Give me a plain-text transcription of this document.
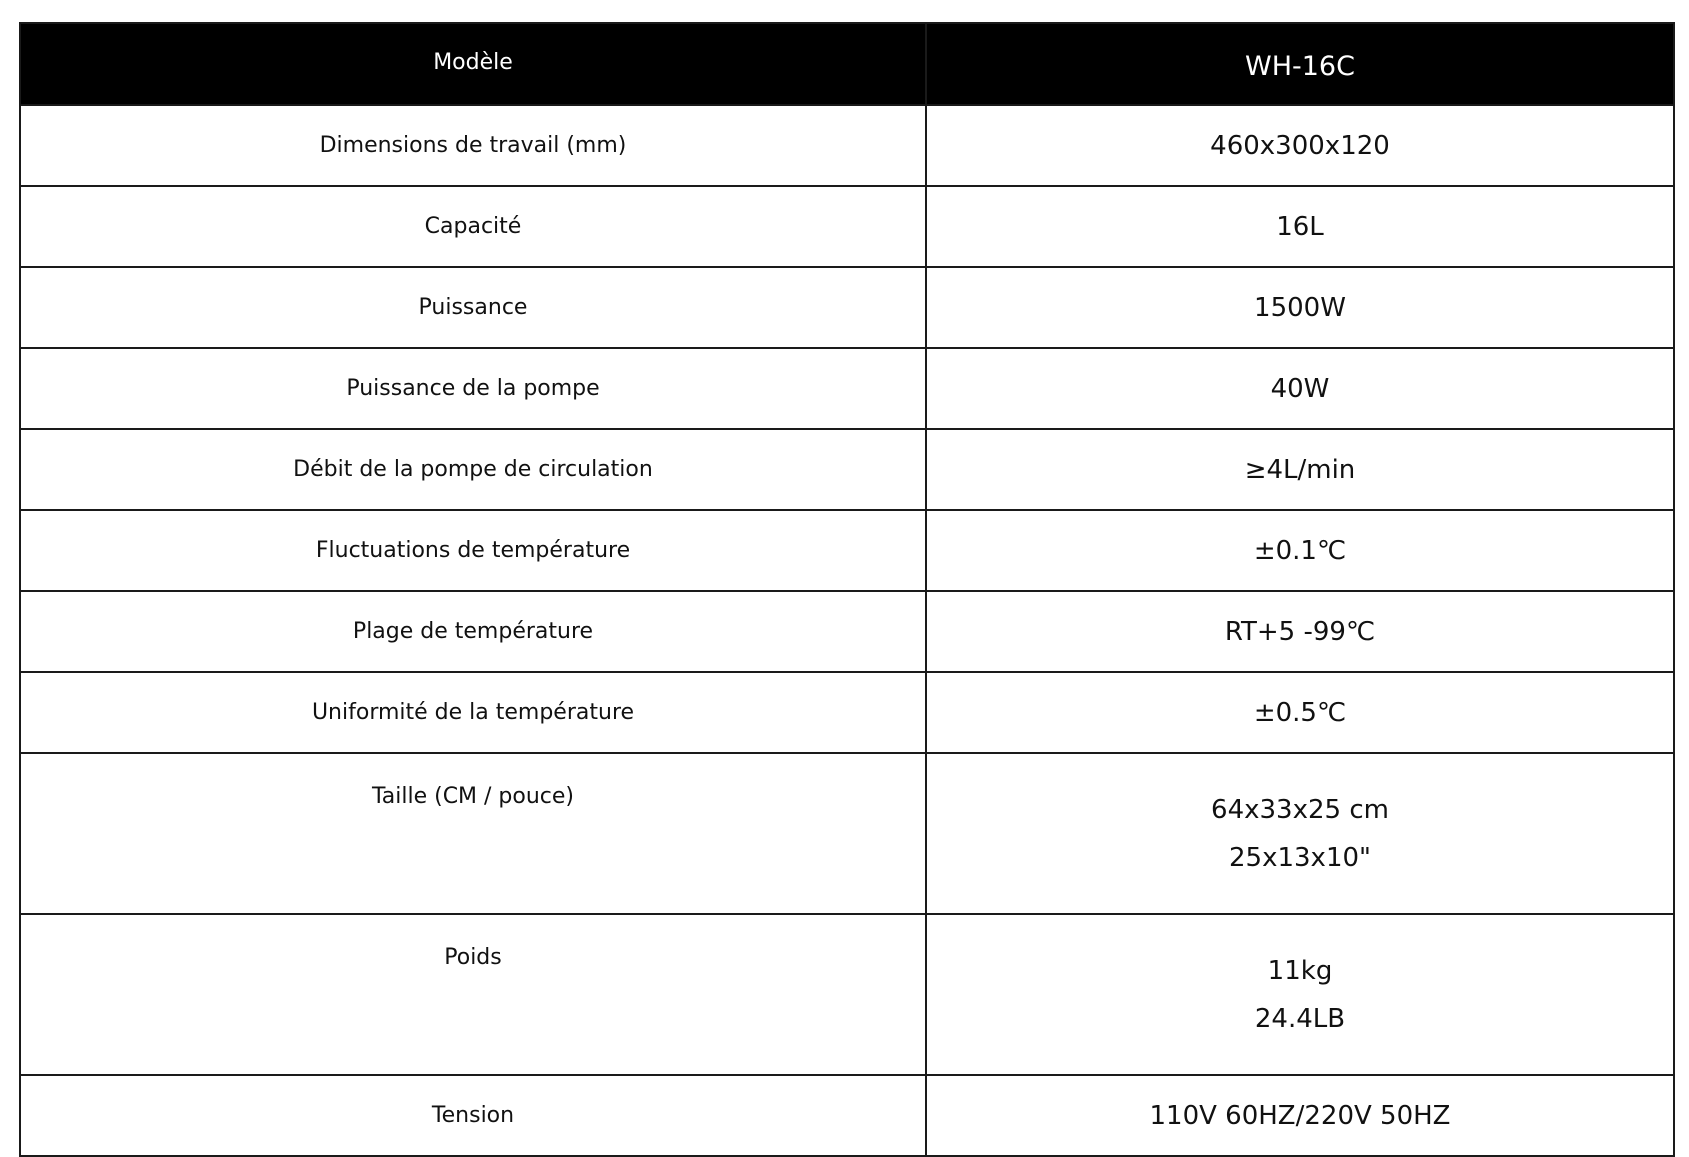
Modèle	WH-16C
Dimensions de travail (mm)	460x300x120
Capacité	16L
Puissance	1500W
Puissance de la pompe	40W
Débit de la pompe de circulation	≥4L/min
Fluctuations de température	±0.1℃
Plage de température	RT+5 -99℃
Uniformité de la température	±0.5℃
Taille (CM / pouce)	64x33x25 cm
25x13x10"

Poids	11kg
24.4LB

Tension	110V 60HZ/220V 50HZ
